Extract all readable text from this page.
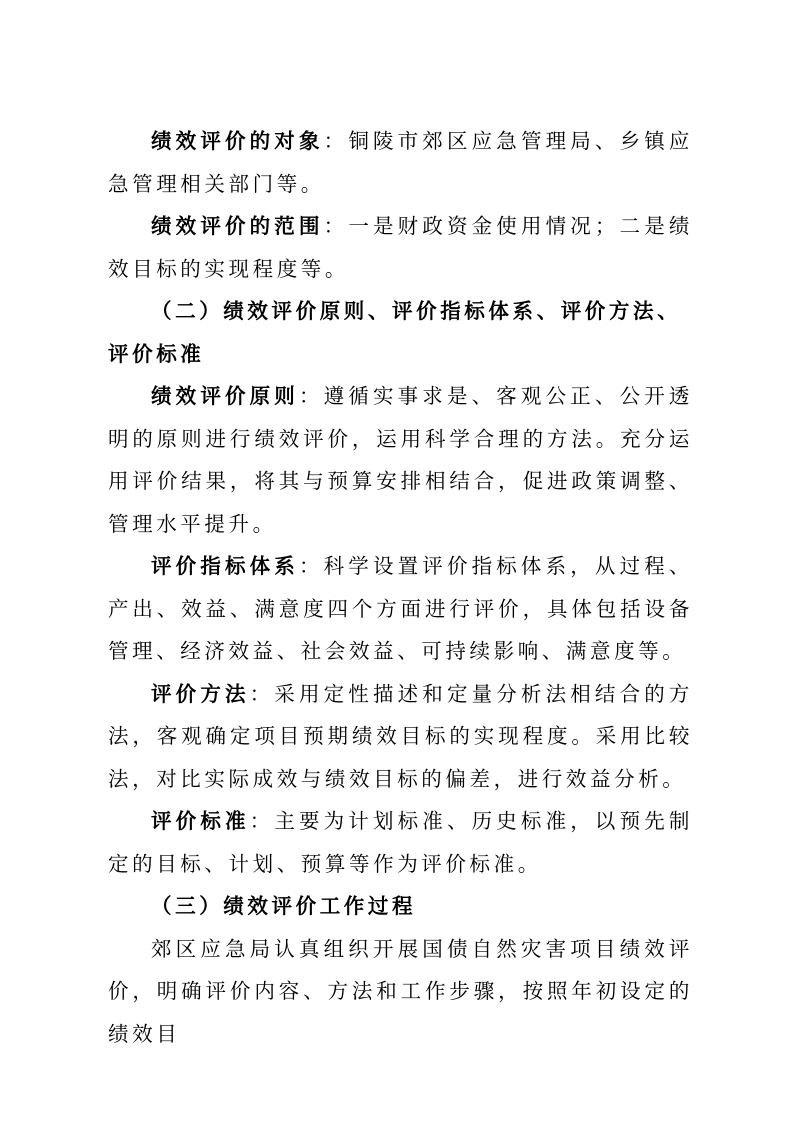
绩效评价的对象：铜陵市郊区应急管理局、乡镇应急管理相关部门等。

绩效评价的范围：一是财政资金使用情况；二是绩效目标的实现程度等。

（二）绩效评价原则、评价指标体系、评价方法、评价标准

绩效评价原则：遵循实事求是、客观公正、公开透明的原则进行绩效评价，运用科学合理的方法。充分运用评价结果，将其与预算安排相结合，促进政策调整、管理水平提升。

评价指标体系：科学设置评价指标体系，从过程、产出、效益、满意度四个方面进行评价，具体包括设备管理、经济效益、社会效益、可持续影响、满意度等。

评价方法：采用定性描述和定量分析法相结合的方法，客观确定项目预期绩效目标的实现程度。采用比较法，对比实际成效与绩效目标的偏差，进行效益分析。

评价标准：主要为计划标准、历史标准，以预先制定的目标、计划、预算等作为评价标准。

（三）绩效评价工作过程

郊区应急局认真组织开展国债自然灾害项目绩效评价，明确评价内容、方法和工作步骤，按照年初设定的绩效目
